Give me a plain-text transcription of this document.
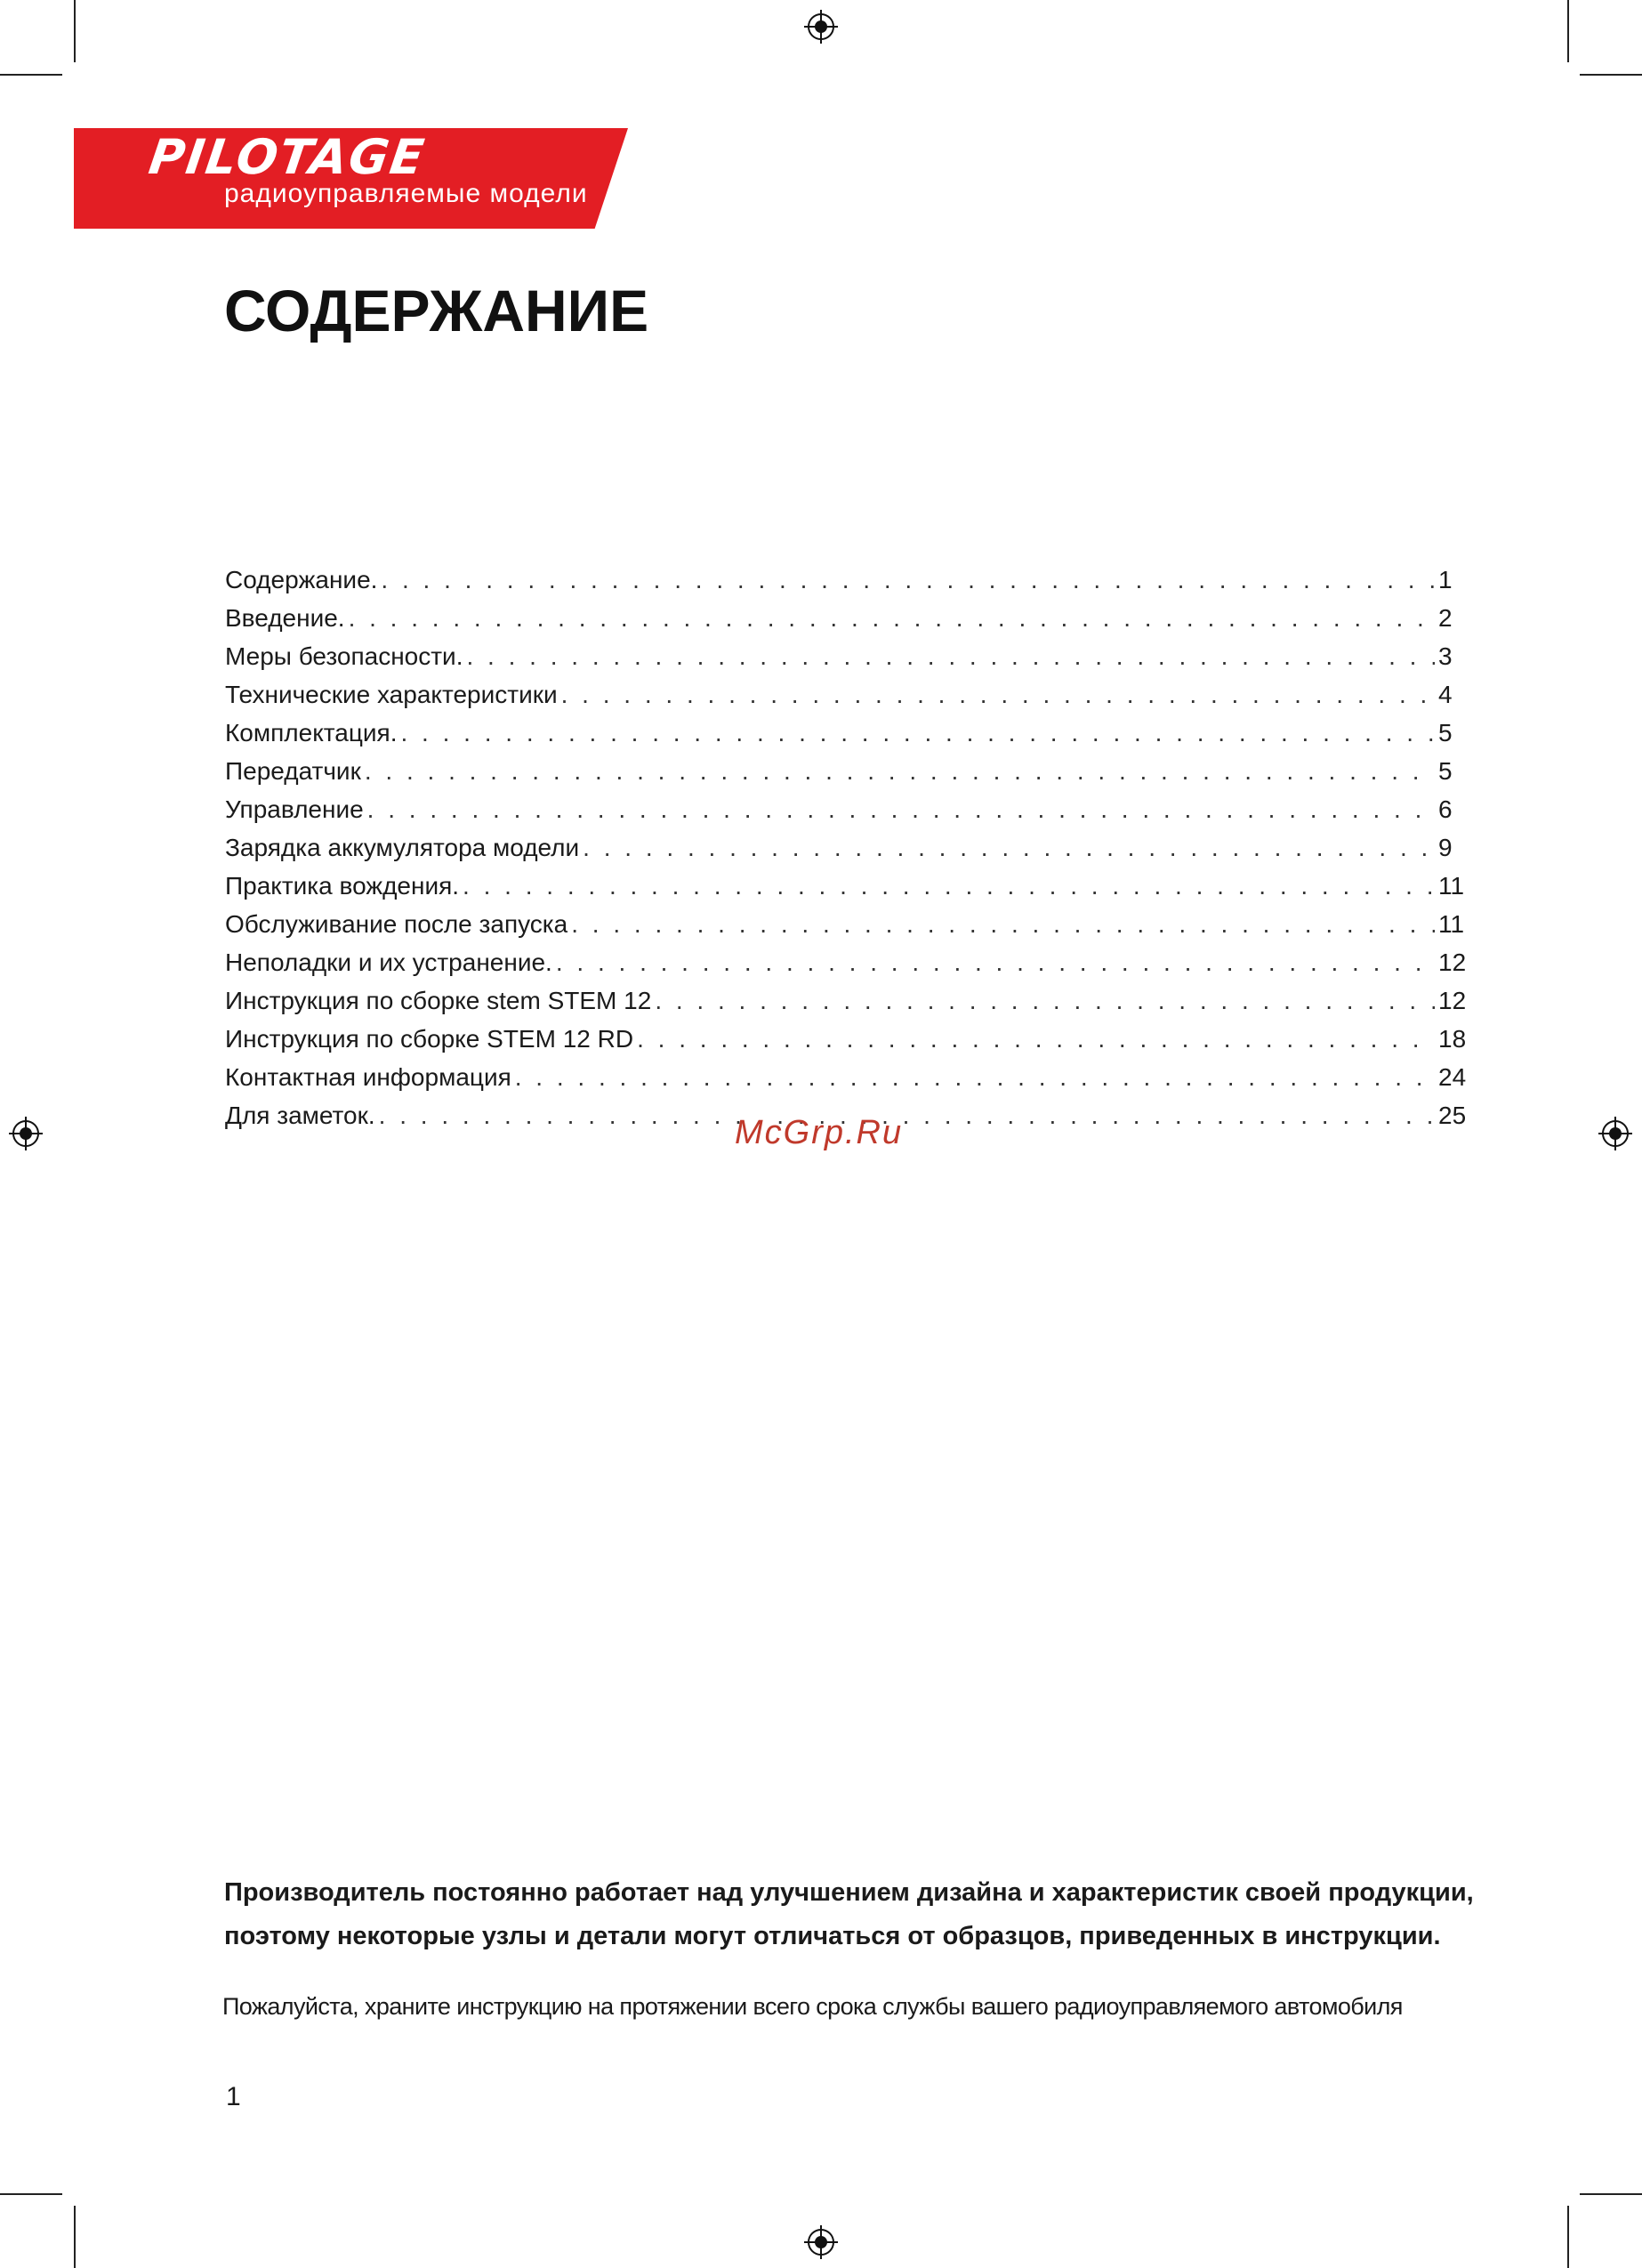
PILOTAGE
радиоуправляемые модели
СОДЕРЖАНИЕ
Содержание. . . .	1
Введение. . . .	2
Меры безопасности. . . .	3
Технические характеристики . . .	4
Комплектация. . . .	5
Передатчик . . .	5
Управление . . .	6
Зарядка аккумулятора модели . . .	9
Практика вождения. . . .	11
Обслуживание после запуска . . .	11
Неполадки и их устранение. . . .	12
Инструкция по сборке stem STEM 12 . . .	12
Инструкция по сборке STEM 12 RD . . .	18
Контактная информация . . .	24
Для заметок. . . .	25
McGrp.Ru
Производитель постоянно работает над улучшением дизайна и характеристик своей продукции, поэтому некоторые узлы и детали могут отличаться от образцов, приведенных в инструкции.
Пожалуйста, храните инструкцию на протяжении всего срока службы вашего радиоуправляемого автомобиля
1
